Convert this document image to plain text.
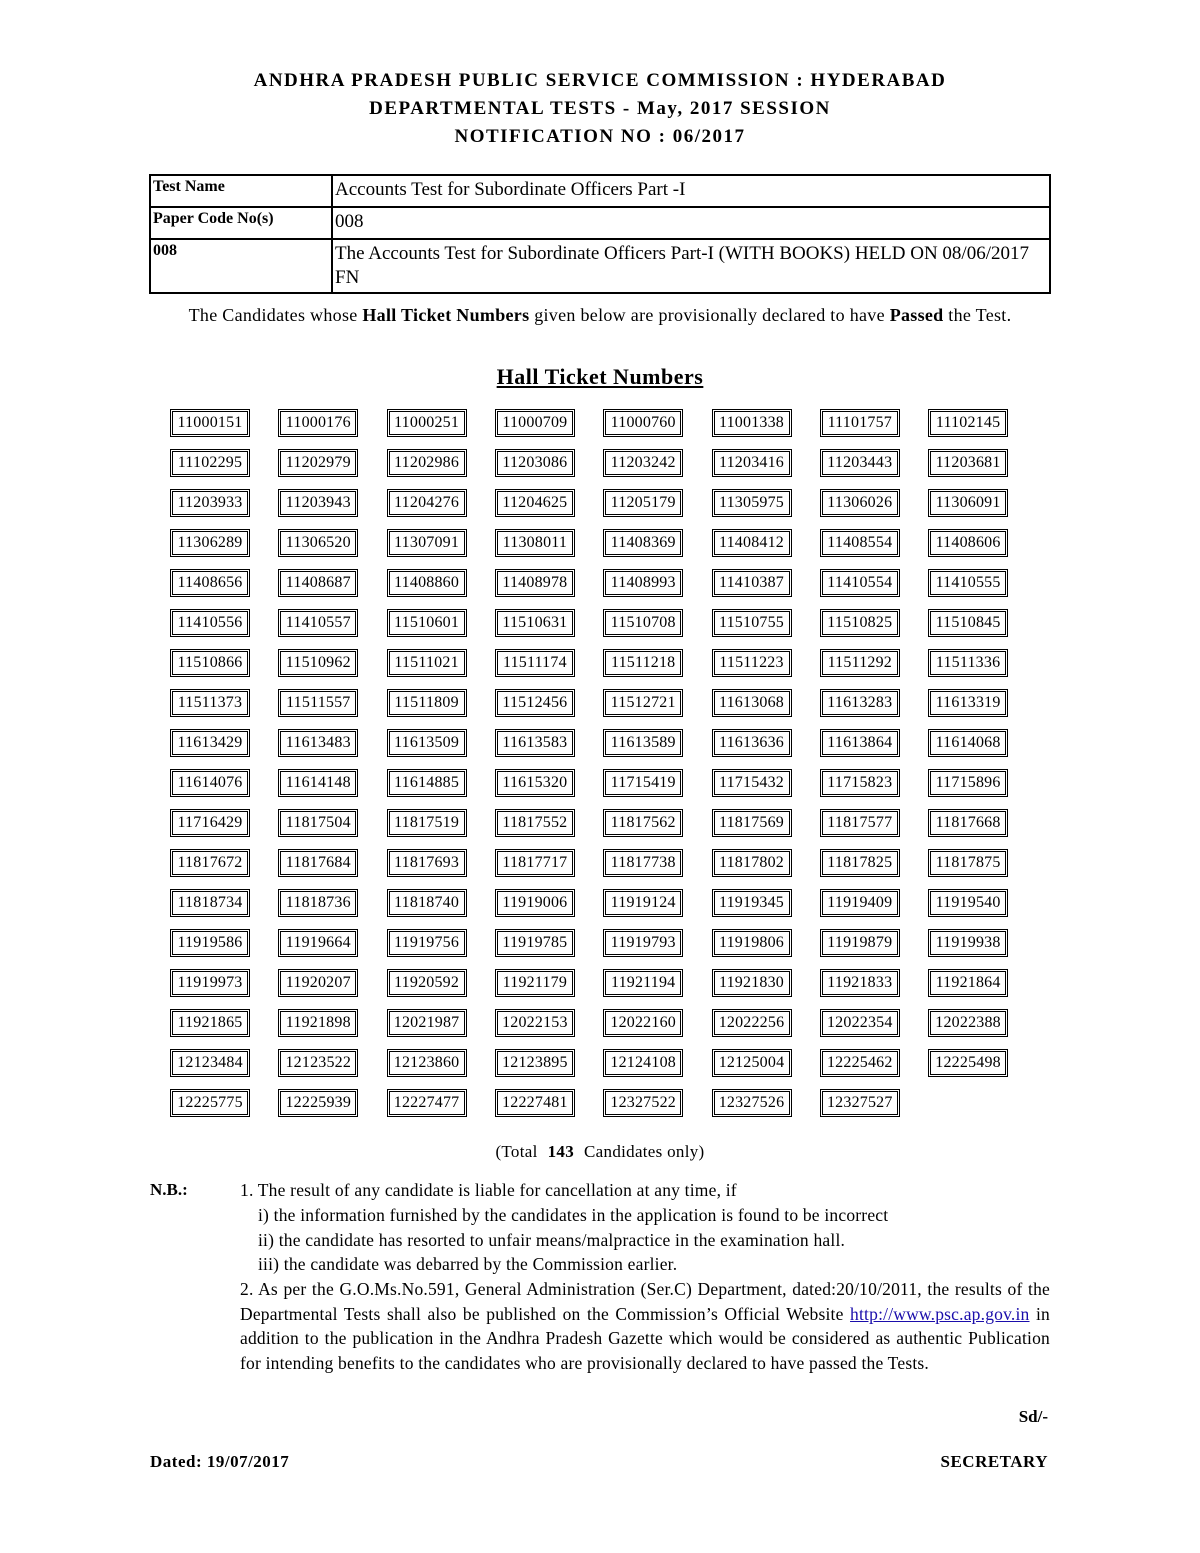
ANDHRA PRADESH PUBLIC SERVICE COMMISSION : HYDERABAD
DEPARTMENTAL TESTS - May, 2017 SESSION
NOTIFICATION NO : 06/2017
Test Name	Accounts Test for Subordinate Officers Part -I
Paper Code No(s)	008
008	The Accounts Test for Subordinate Officers Part-I (WITH BOOKS) HELD ON 08/06/2017 FN
The Candidates whose Hall Ticket Numbers given below are provisionally declared to have Passed the Test.
Hall Ticket Numbers
11000151	11000176	11000251	11000709	11000760	11001338	11101757	11102145
11102295	11202979	11202986	11203086	11203242	11203416	11203443	11203681
11203933	11203943	11204276	11204625	11205179	11305975	11306026	11306091
11306289	11306520	11307091	11308011	11408369	11408412	11408554	11408606
11408656	11408687	11408860	11408978	11408993	11410387	11410554	11410555
11410556	11410557	11510601	11510631	11510708	11510755	11510825	11510845
11510866	11510962	11511021	11511174	11511218	11511223	11511292	11511336
11511373	11511557	11511809	11512456	11512721	11613068	11613283	11613319
11613429	11613483	11613509	11613583	11613589	11613636	11613864	11614068
11614076	11614148	11614885	11615320	11715419	11715432	11715823	11715896
11716429	11817504	11817519	11817552	11817562	11817569	11817577	11817668
11817672	11817684	11817693	11817717	11817738	11817802	11817825	11817875
11818734	11818736	11818740	11919006	11919124	11919345	11919409	11919540
11919586	11919664	11919756	11919785	11919793	11919806	11919879	11919938
11919973	11920207	11920592	11921179	11921194	11921830	11921833	11921864
11921865	11921898	12021987	12022153	12022160	12022256	12022354	12022388
12123484	12123522	12123860	12123895	12124108	12125004	12225462	12225498
12225775	12225939	12227477	12227481	12327522	12327526	12327527
(Total 143 Candidates only)
N.B.:	1. The result of any candidate is liable for cancellation at any time, if
i) the information furnished by the candidates in the application is found to be incorrect
ii) the candidate has resorted to unfair means/malpractice in the examination hall.
iii) the candidate was debarred by the Commission earlier.
2. As per the G.O.Ms.No.591, General Administration (Ser.C) Department, dated:20/10/2011, the results of the Departmental Tests shall also be published on the Commission’s Official Website http://www.psc.ap.gov.in in addition to the publication in the Andhra Pradesh Gazette which would be considered as authentic Publication for intending benefits to the candidates who are provisionally declared to have passed the Tests.
Sd/-
Dated: 19/07/2017	SECRETARY
